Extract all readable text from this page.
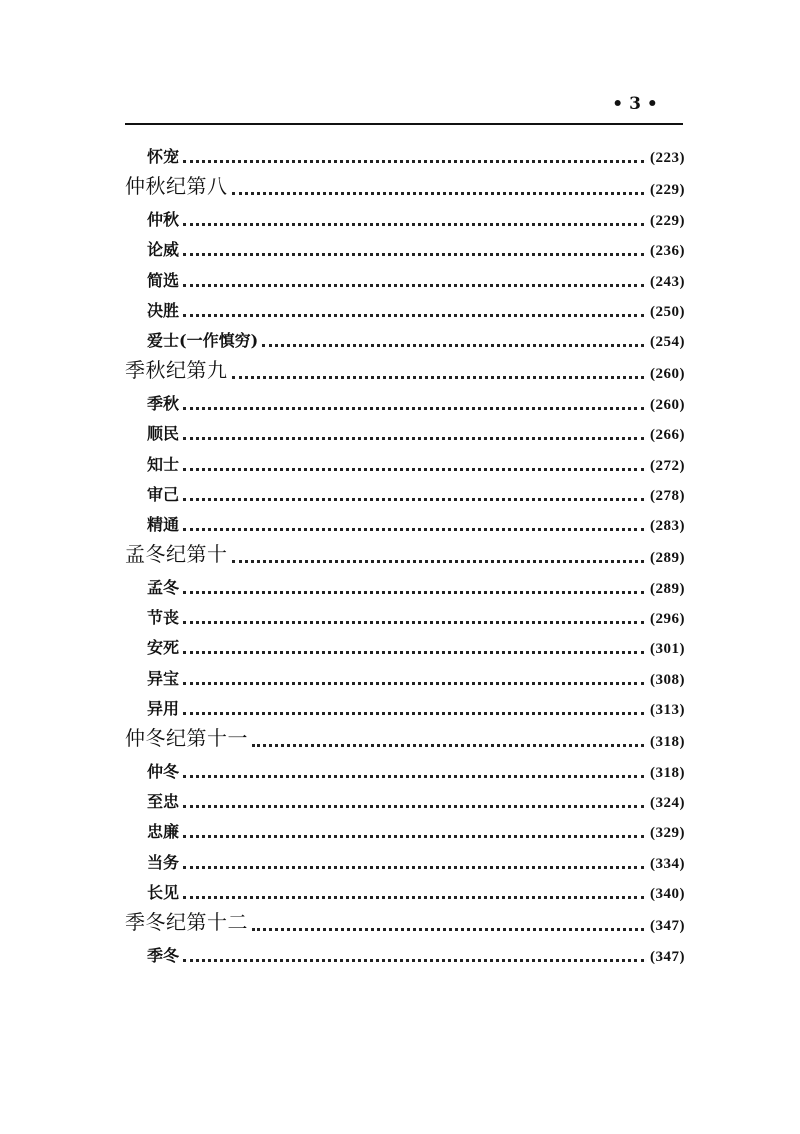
• 3 •
怀宠	(223)
仲秋纪第八	(229)
仲秋	(229)
论威	(236)
简选	(243)
决胜	(250)
爱士(一作慎穷)	(254)
季秋纪第九	(260)
季秋	(260)
顺民	(266)
知士	(272)
审己	(278)
精通	(283)
孟冬纪第十	(289)
孟冬	(289)
节丧	(296)
安死	(301)
异宝	(308)
异用	(313)
仲冬纪第十一	(318)
仲冬	(318)
至忠	(324)
忠廉	(329)
当务	(334)
长见	(340)
季冬纪第十二	(347)
季冬	(347)
